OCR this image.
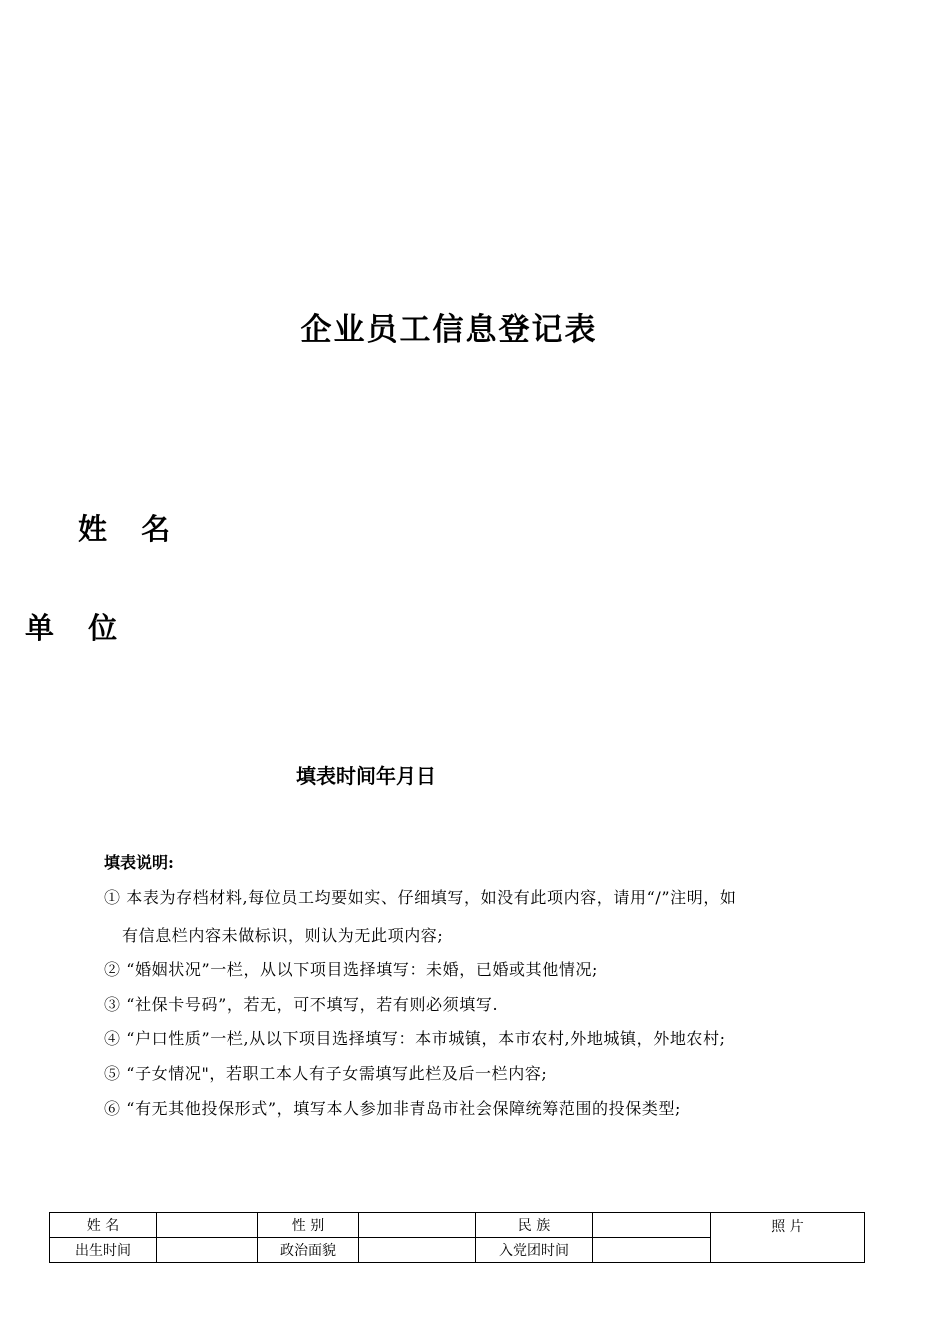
企业员工信息登记表
姓 名
单 位
填表时间年月日
填表说明:
① 本表为存档材料,每位员工均要如实、仔细填写，如没有此项内容，请用“/”注明，如
有信息栏内容未做标识，则认为无此项内容;
② “婚姻状况”一栏，从以下项目选择填写：未婚，已婚或其他情况;
③ “社保卡号码”，若无，可不填写，若有则必须填写.
④ “户口性质”一栏,从以下项目选择填写：本市城镇，本市农村,外地城镇，外地农村;
⑤ “子女情况"，若职工本人有子女需填写此栏及后一栏内容;
⑥ “有无其他投保形式”，填写本人参加非青岛市社会保障统筹范围的投保类型;
姓 名		性 别		民 族		照 片
出生时间		政治面貌		入党团时间		
